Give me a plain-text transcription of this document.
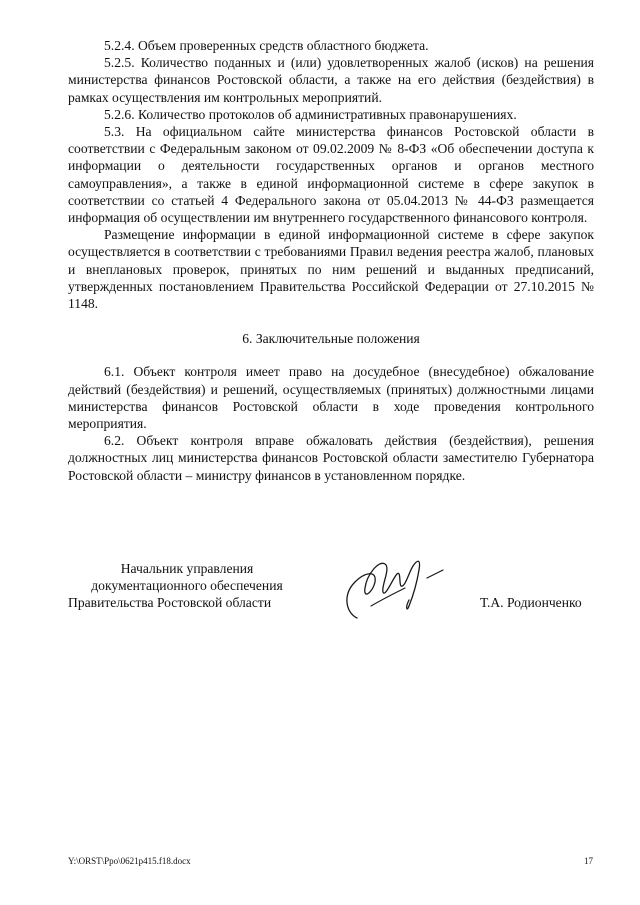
5.2.4. Объем проверенных средств областного бюджета.

5.2.5. Количество поданных и (или) удовлетворенных жалоб (исков) на решения министерства финансов Ростовской области, а также на его действия (бездействия) в рамках осуществления им контрольных мероприятий.

5.2.6. Количество протоколов об административных правонарушениях.

5.3. На официальном сайте министерства финансов Ростовской области в соответствии с Федеральным законом от 09.02.2009 № 8-ФЗ «Об обеспечении доступа к информации о деятельности государственных органов и органов местного самоуправления», а также в единой информационной системе в сфере закупок в соответствии со статьей 4 Федерального закона от 05.04.2013 № 44-ФЗ размещается информация об осуществлении им внутреннего государственного финансового контроля.

Размещение информации в единой информационной системе в сфере закупок осуществляется в соответствии с требованиями Правил ведения реестра жалоб, плановых и внеплановых проверок, принятых по ним решений и выданных предписаний, утвержденных постановлением Правительства Российской Федерации от 27.10.2015 № 1148.

6. Заключительные положения

6.1. Объект контроля имеет право на досудебное (внесудебное) обжалование действий (бездействия) и решений, осуществляемых (принятых) должностными лицами министерства финансов Ростовской области в ходе проведения контрольного мероприятия.

6.2. Объект контроля вправе обжаловать действия (бездействия), решения должностных лиц министерства финансов Ростовской области заместителю Губернатора Ростовской области – министру финансов в установленном порядке.

Начальник управления
документационного обеспечения
Правительства Ростовской области	Т.А. Родионченко
Y:\ORST\Ppo\0621p415.f18.docx	17
